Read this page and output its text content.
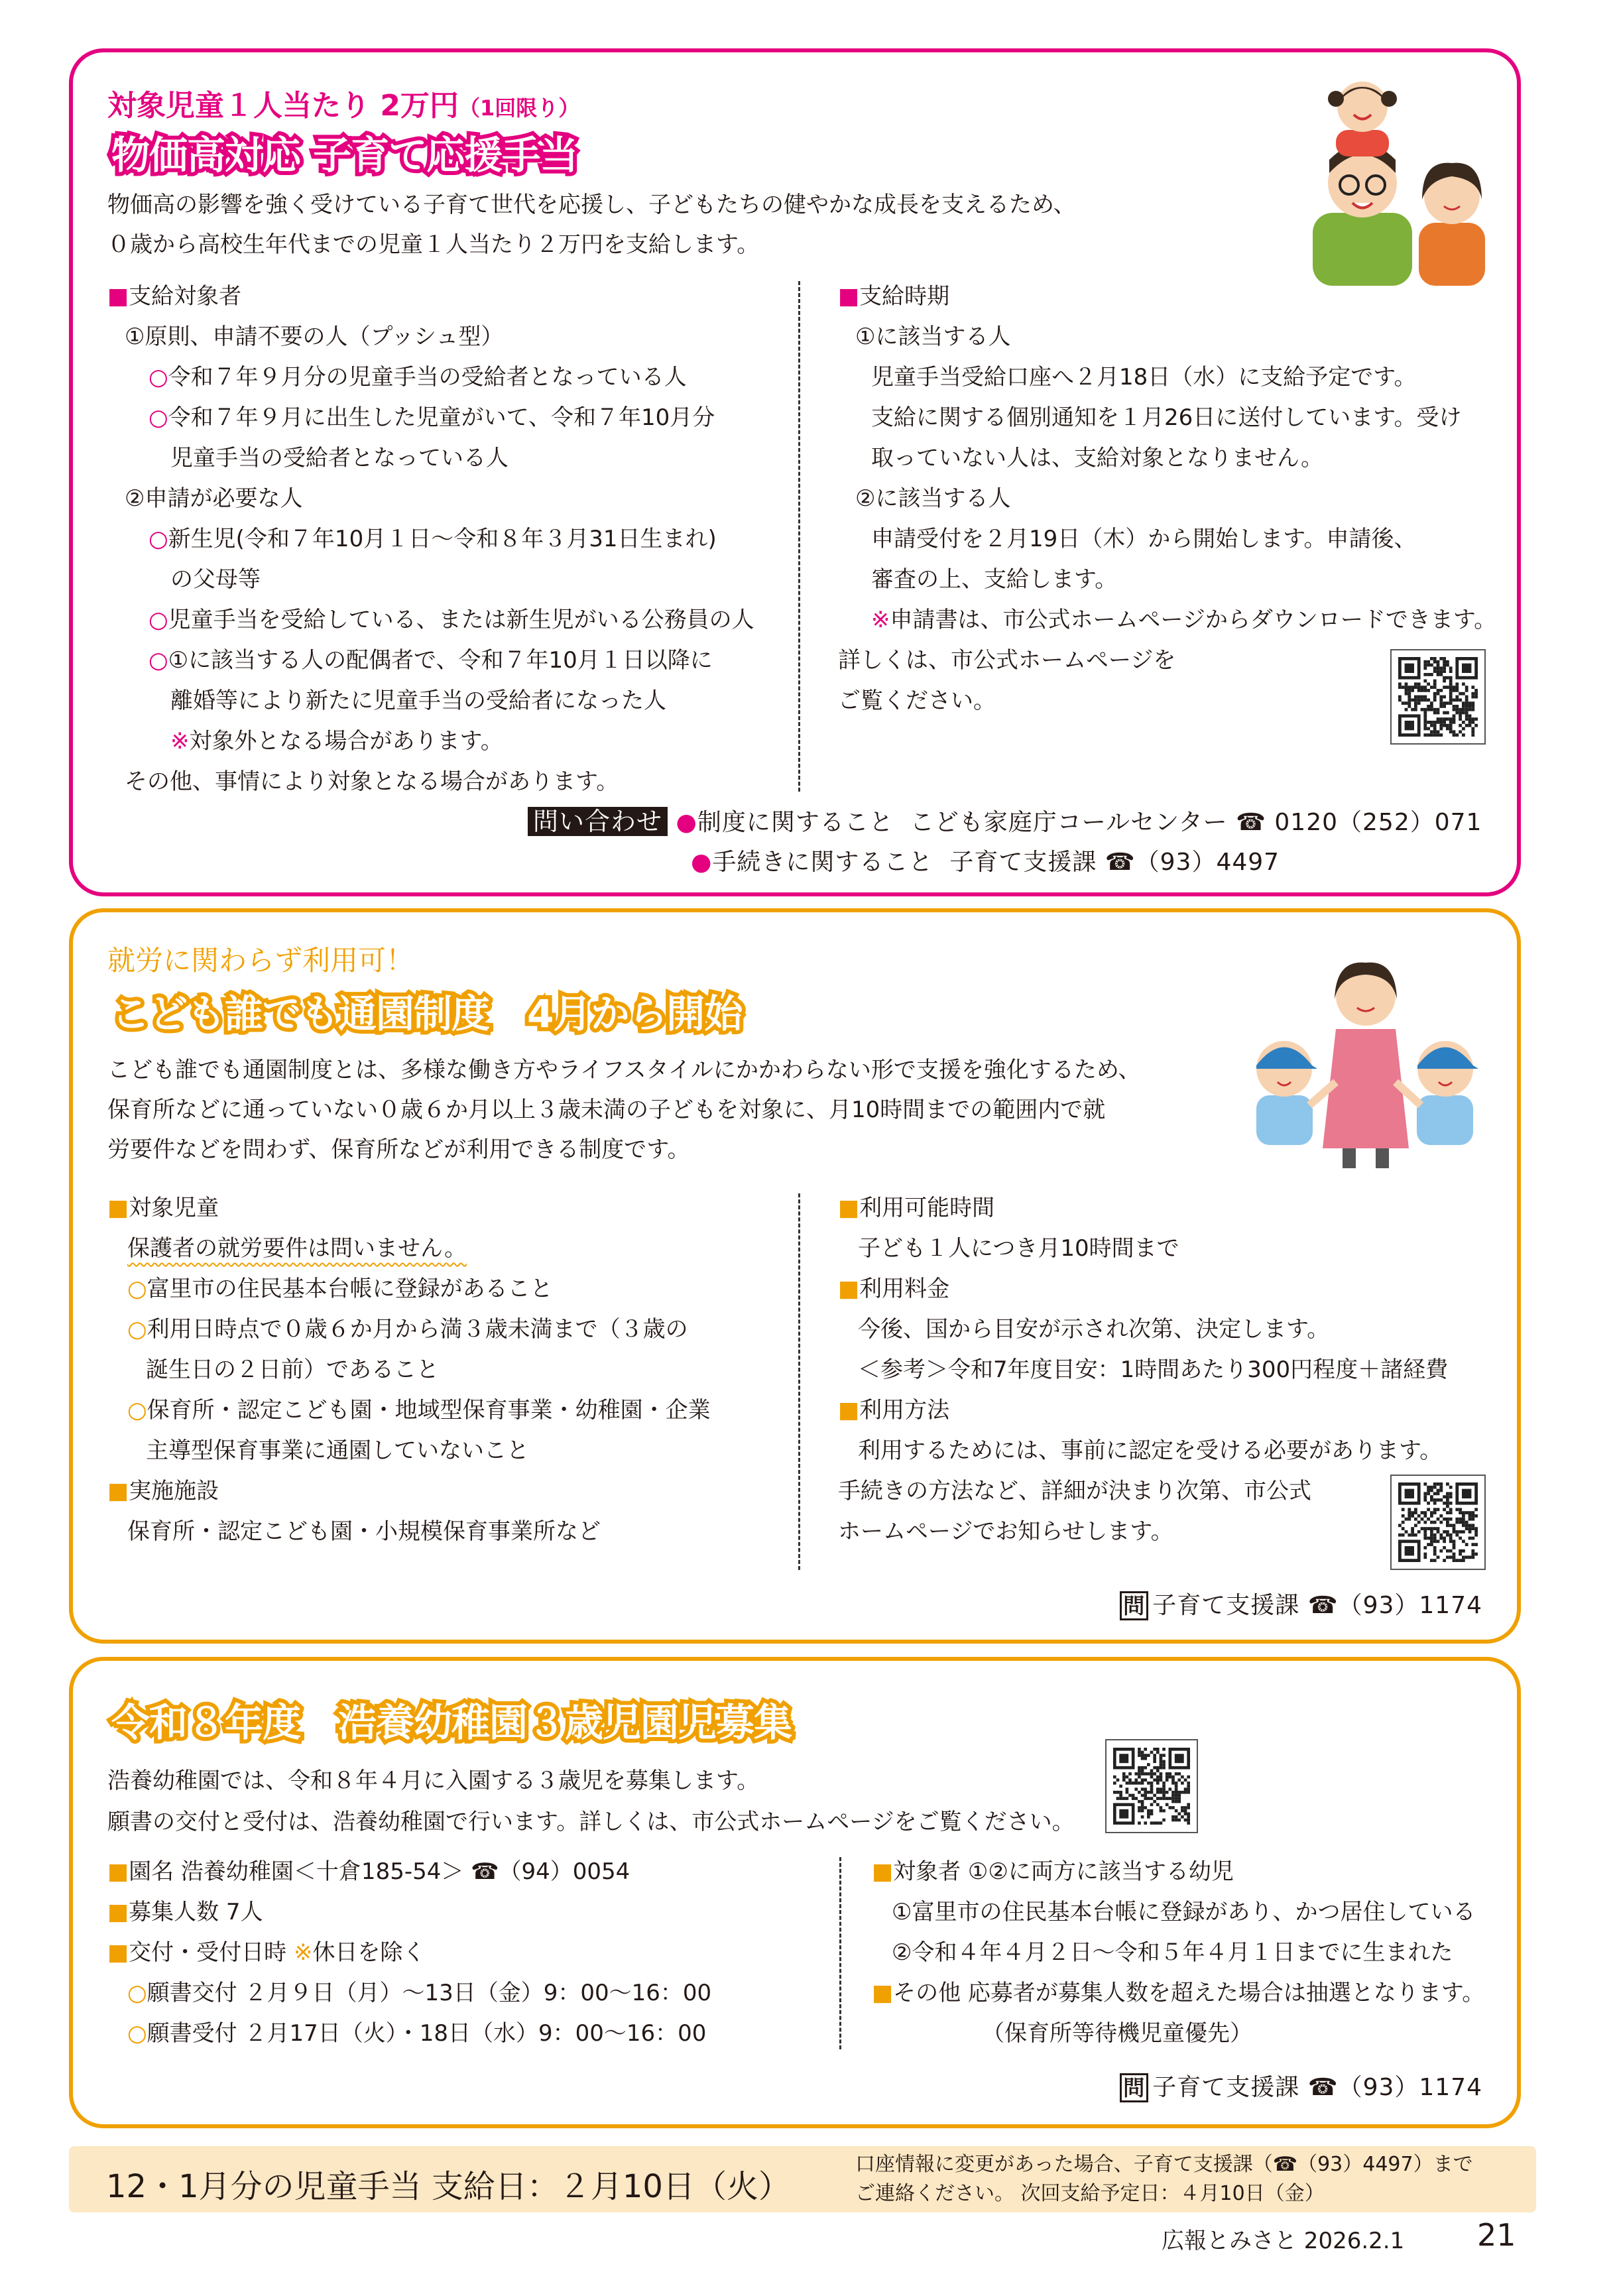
対象児童１人当たり 2万円（1回限り）
物価高対応 子育て応援手当
物価高の影響を強く受けている子育て世代を応援し、子どもたちの健やかな成長を支えるため、
０歳から高校生年代までの児童１人当たり２万円を支給します。
■支給対象者
①原則、申請不要の人（プッシュ型）
○令和７年９月分の児童手当の受給者となっている人
○令和７年９月に出生した児童がいて、令和７年10月分
児童手当の受給者となっている人
②申請が必要な人
○新生児(令和７年10月１日～令和８年３月31日生まれ)
の父母等
○児童手当を受給している、または新生児がいる公務員の人
○①に該当する人の配偶者で、令和７年10月１日以降に
離婚等により新たに児童手当の受給者になった人
※対象外となる場合があります。
その他、事情により対象となる場合があります。
■支給時期
①に該当する人
児童手当受給口座へ２月18日（水）に支給予定です。
支給に関する個別通知を１月26日に送付しています。受け
取っていない人は、支給対象となりません。
②に該当する人
申請受付を２月19日（木）から開始します。申請後、
審査の上、支給します。
※申請書は、市公式ホームページからダウンロードできます。
詳しくは、市公式ホームページを
ご覧ください。
問い合わせ ●制度に関すること こども家庭庁コールセンター ☎ 0120（252）071
●手続きに関すること 子育て支援課 ☎（93）4497
就労に関わらず利用可！
こども誰でも通園制度　4月から開始
こども誰でも通園制度とは、多様な働き方やライフスタイルにかかわらない形で支援を強化するため、
保育所などに通っていない０歳６か月以上３歳未満の子どもを対象に、月10時間までの範囲内で就
労要件などを問わず、保育所などが利用できる制度です。
■対象児童
保護者の就労要件は問いません。
○富里市の住民基本台帳に登録があること
○利用日時点で０歳６か月から満３歳未満まで（３歳の
誕生日の２日前）であること
○保育所・認定こども園・地域型保育事業・幼稚園・企業
主導型保育事業に通園していないこと
■実施施設
保育所・認定こども園・小規模保育事業所など
■利用可能時間
子ども１人につき月10時間まで
■利用料金
今後、国から目安が示され次第、決定します。
＜参考＞令和7年度目安：1時間あたり300円程度＋諸経費
■利用方法
利用するためには、事前に認定を受ける必要があります。
手続きの方法など、詳細が決まり次第、市公式
ホームページでお知らせします。
問 子育て支援課 ☎（93）1174
令和８年度　浩養幼稚園３歳児園児募集
浩養幼稚園では、令和８年４月に入園する３歳児を募集します。
願書の交付と受付は、浩養幼稚園で行います。詳しくは、市公式ホームページをご覧ください。
■園名 浩養幼稚園＜十倉185-54＞ ☎（94）0054
■募集人数 7人
■交付・受付日時 ※休日を除く
○願書交付 ２月９日（月）～13日（金）9：00～16：00
○願書受付 ２月17日（火）・18日（水）9：00～16：00
■対象者 ①②に両方に該当する幼児
①富里市の住民基本台帳に登録があり、かつ居住している
②令和４年４月２日～令和５年４月１日までに生まれた
■その他 応募者が募集人数を超えた場合は抽選となります。
（保育所等待機児童優先）
問 子育て支援課 ☎（93）1174
12・1月分の児童手当 支給日：２月10日（火）
口座情報に変更があった場合、子育て支援課（☎（93）4497）まで
ご連絡ください。 次回支給予定日：４月10日（金）
広報とみさと 2026.2.1 21
